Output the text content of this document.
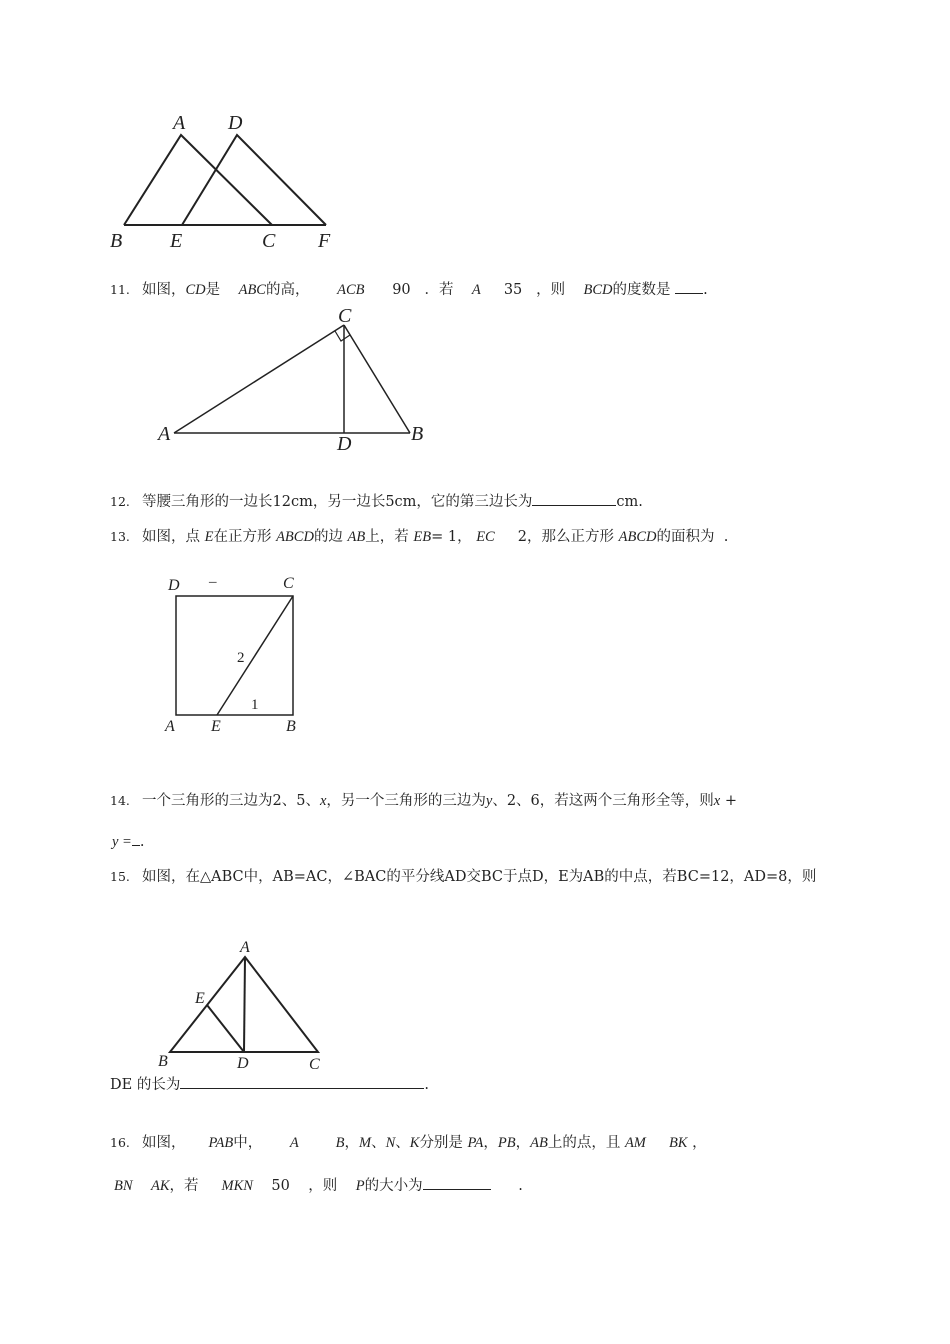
A D
B E	C F
11. 如图，CD是 ABC的高， ACB 90 ．若 A 35 ，则 BCD的度数是 .
C
A	D	B
12. 等腰三角形的一边长12cm，另一边长5cm，它的第三边长为	cm.
13. 如图，点 E在正方形 ABCD的边 AB上，若 EB= 1， EC 2，那么正方形 ABCD的面积为 .
D –	C
2
1
A E	B
14. 一个三角形的三边为2、5、x，另一个三角形的三边为y、2、6，若这两个三角形全等，则x +
y = .
15. 如图，在△ABC中，AB=AC，∠BAC的平分线AD交BC于点D，E为AB的中点，若BC=12，AD=8，则
A
E
B	D	C
DE 的长为	.
16. 如图， PAB中， A	B，M、N、K分别是 PA，PB，AB上的点，且 AM BK ，
BN AK，若 MKN 50 ，则 P的大小为	.
